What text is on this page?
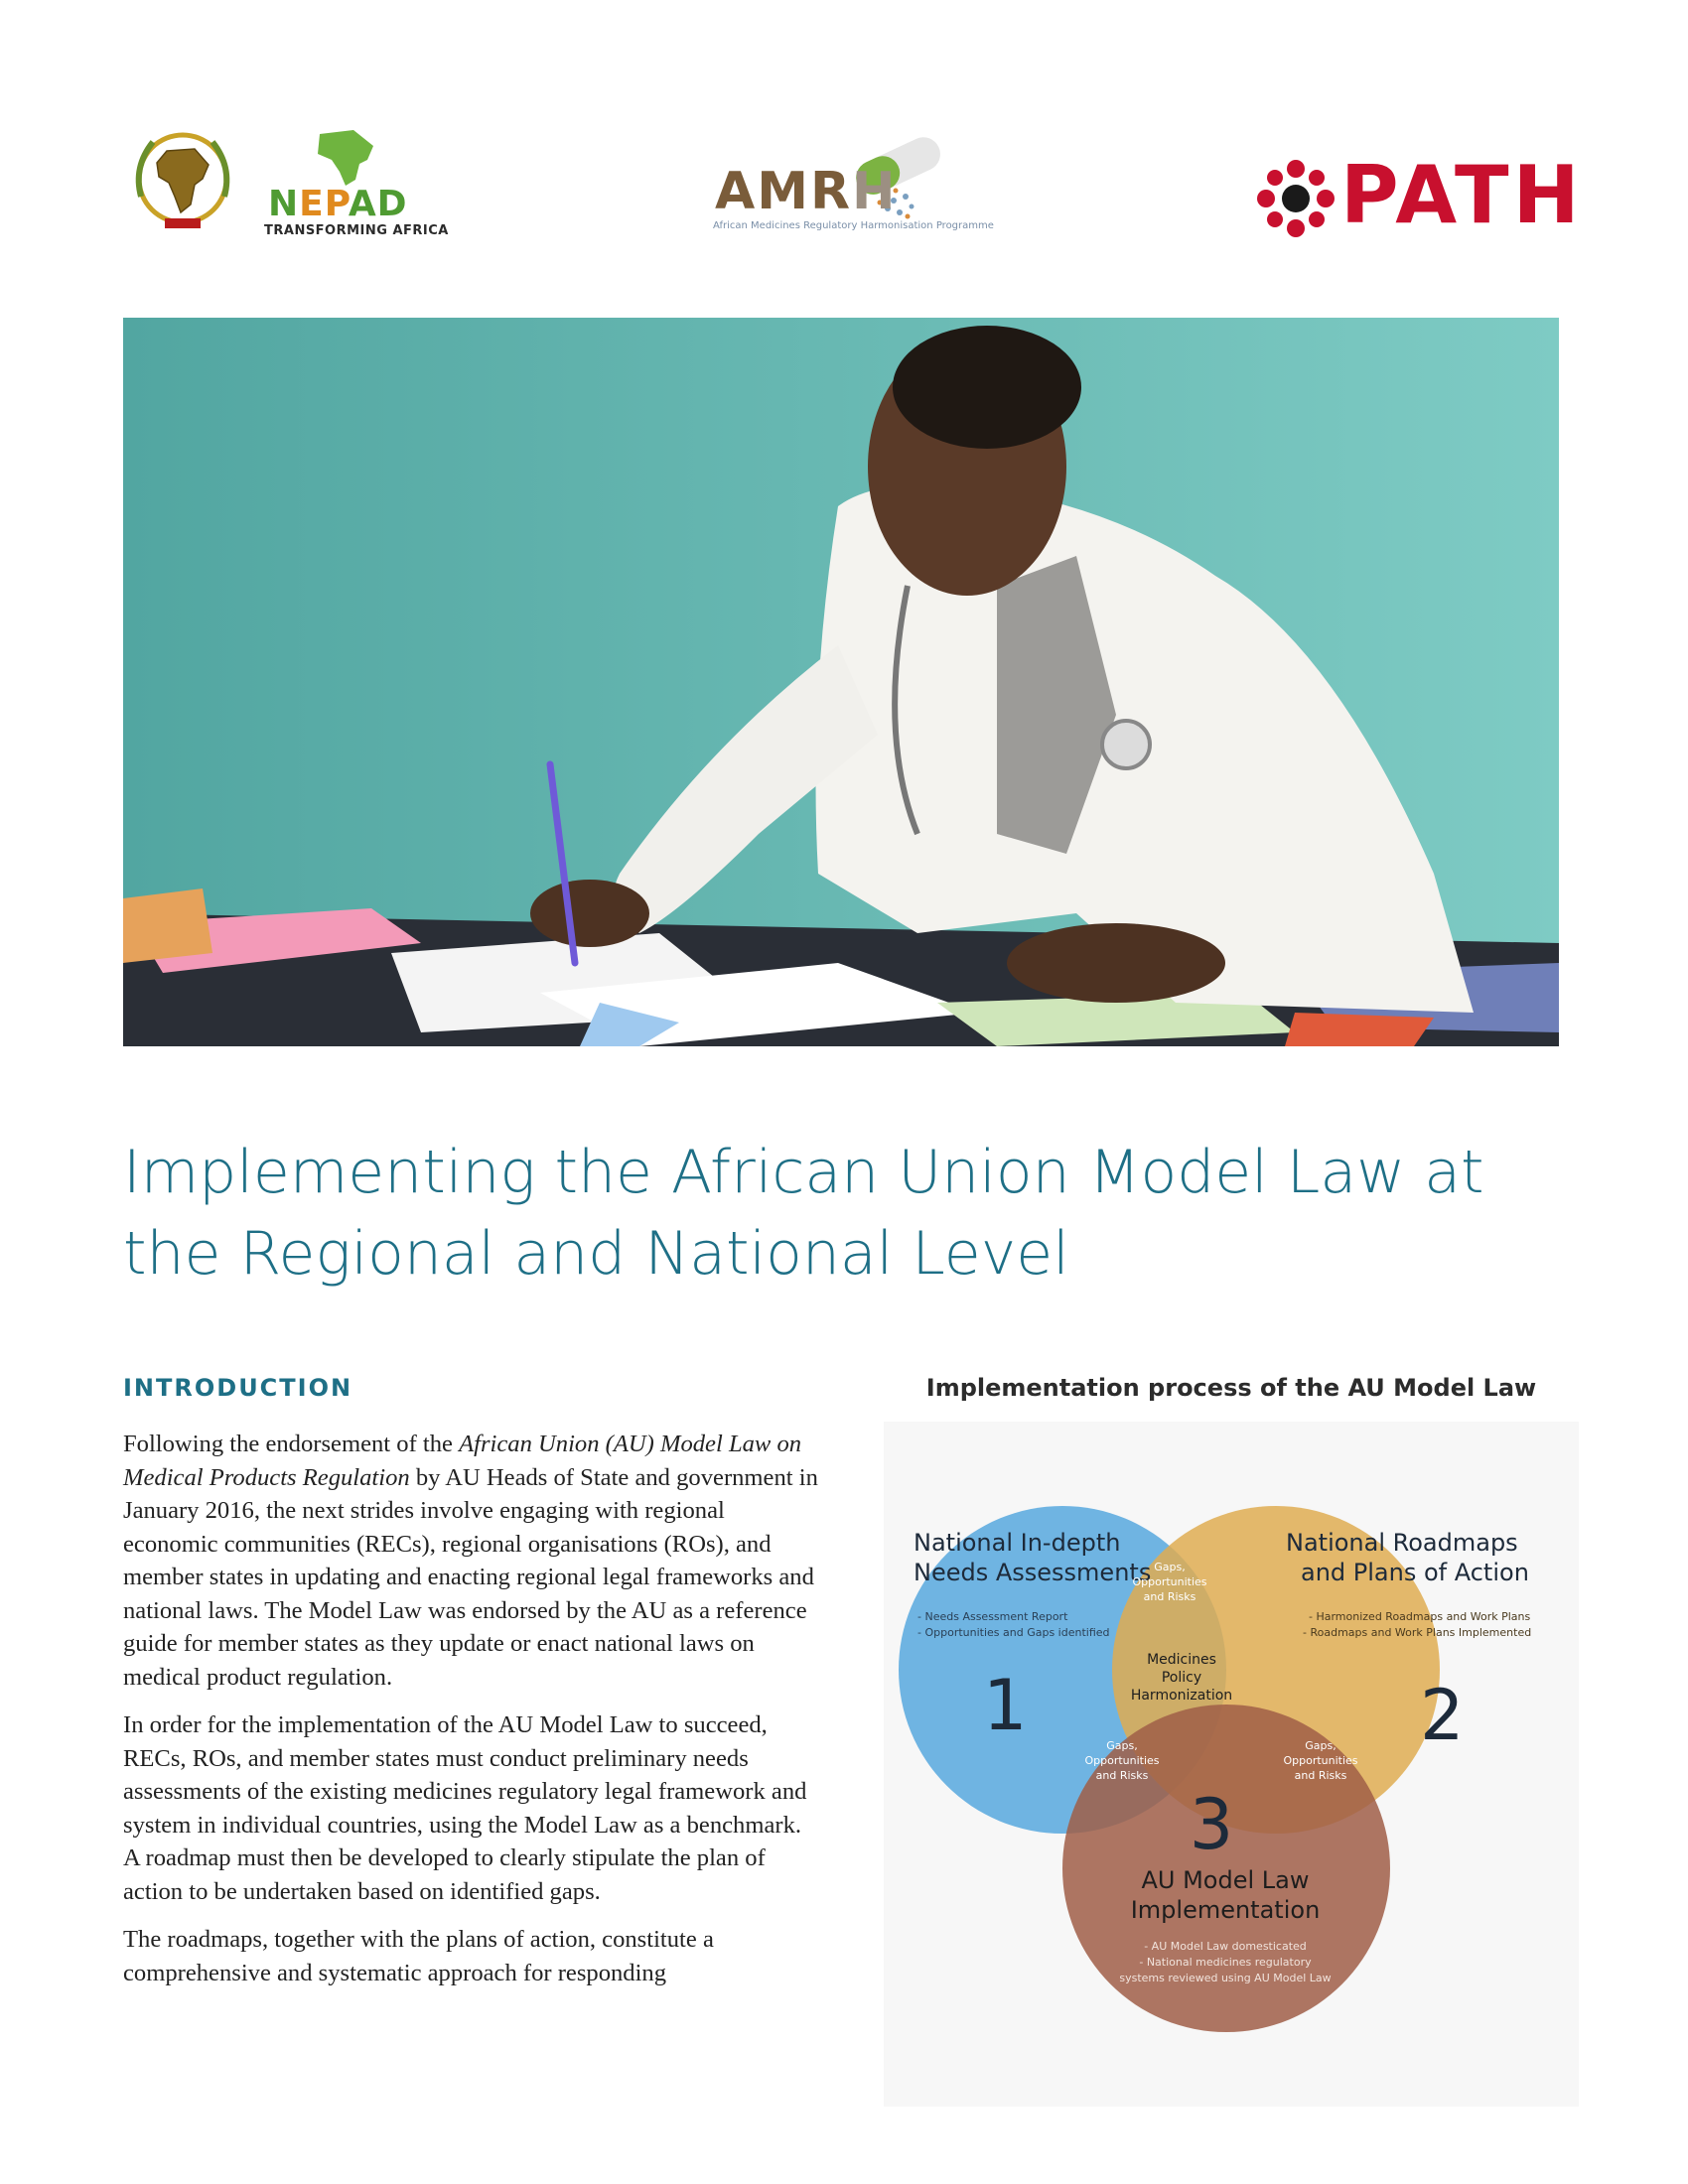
NEPAD
TRANSFORMING AFRICA
AMRH
African Medicines Regulatory Harmonisation Programme	PATH
Implementing the African Union Model Law at the Regional and National Level
INTRODUCTION

Following the endorsement of the African Union (AU) Model Law on Medical Products Regulation by AU Heads of State and government in January 2016, the next strides involve engaging with regional economic communities (RECs), regional organisations (ROs), and member states in updating and enacting regional legal frameworks and national laws. The Model Law was endorsed by the AU as a reference guide for member states as they update or enact national laws on medical product regulation.

In order for the implementation of the AU Model Law to succeed, RECs, ROs, and member states must conduct preliminary needs assessments of the existing medicines regulatory legal framework and system in individual countries, using the Model Law as a benchmark. A roadmap must then be developed to clearly stipulate the plan of action to be undertaken based on identified gaps.

The roadmaps, together with the plans of action, constitute a comprehensive and systematic approach for responding

Implementation process of the AU Model Law
National In-depth
Needs Assessments
- Needs Assessment Report
- Opportunities and Gaps identified
1
National Roadmaps
and Plans of Action
- Harmonized Roadmaps and Work Plans
- Roadmaps and Work Plans Implemented
2
3
AU Model Law
Implementation
- AU Model Law domesticated
- National medicines regulatory
systems reviewed using AU Model Law
Gaps,
Opportunities
and Risks
Gaps,
Opportunities
and Risks
Gaps,
Opportunities
and Risks
Medicines
Policy
Harmonization
